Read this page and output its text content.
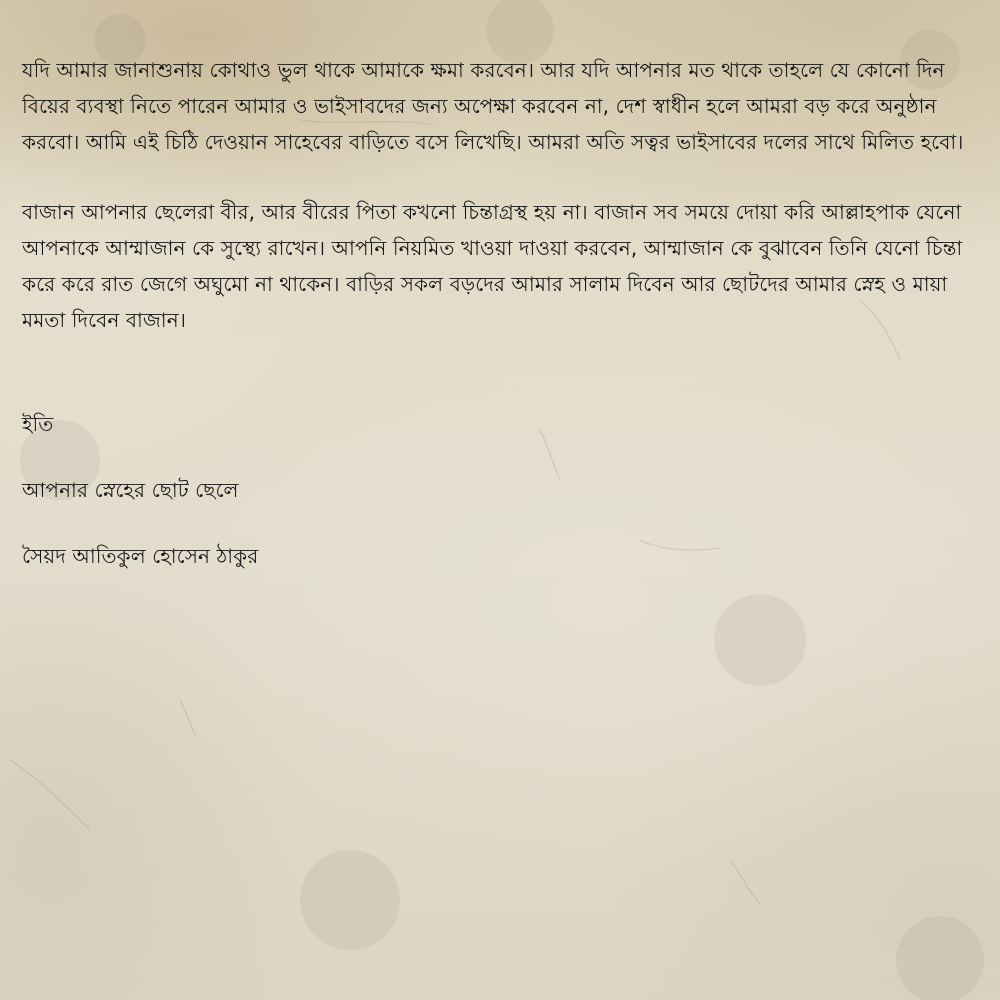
যদি আমার জানাশুনায় কোথাও ভুল থাকে আমাকে ক্ষমা করবেন। আর যদি আপনার মত থাকে তাহলে যে কোনো দিন বিয়ের ব্যবস্থা নিতে পারেন আমার ও ভাইসাবদের জন্য অপেক্ষা করবেন না, দেশ স্বাধীন হলে আমরা বড় করে অনুষ্ঠান করবো। আমি এই চিঠি দেওয়ান সাহেবের বাড়িতে বসে লিখেছি। আমরা অতি সত্বর ভাইসাবের দলের সাথে মিলিত হবো।

বাজান আপনার ছেলেরা বীর, আর বীরের পিতা কখনো চিন্তাগ্রস্থ হয় না। বাজান সব সময়ে দোয়া করি আল্লাহপাক যেনো আপনাকে আম্মাজান কে সুস্থ্যে রাখেন। আপনি নিয়মিত খাওয়া দাওয়া করবেন, আম্মাজান কে বুঝাবেন তিনি যেনো চিন্তা করে করে রাত জেগে অঘুমো না থাকেন। বাড়ির সকল বড়দের আমার সালাম দিবেন আর ছোটদের আমার স্নেহ ও মায়া মমতা দিবেন বাজান।

ইতি

আপনার স্নেহের ছোট ছেলে

সৈয়দ আতিকুল হোসেন ঠাকুর
